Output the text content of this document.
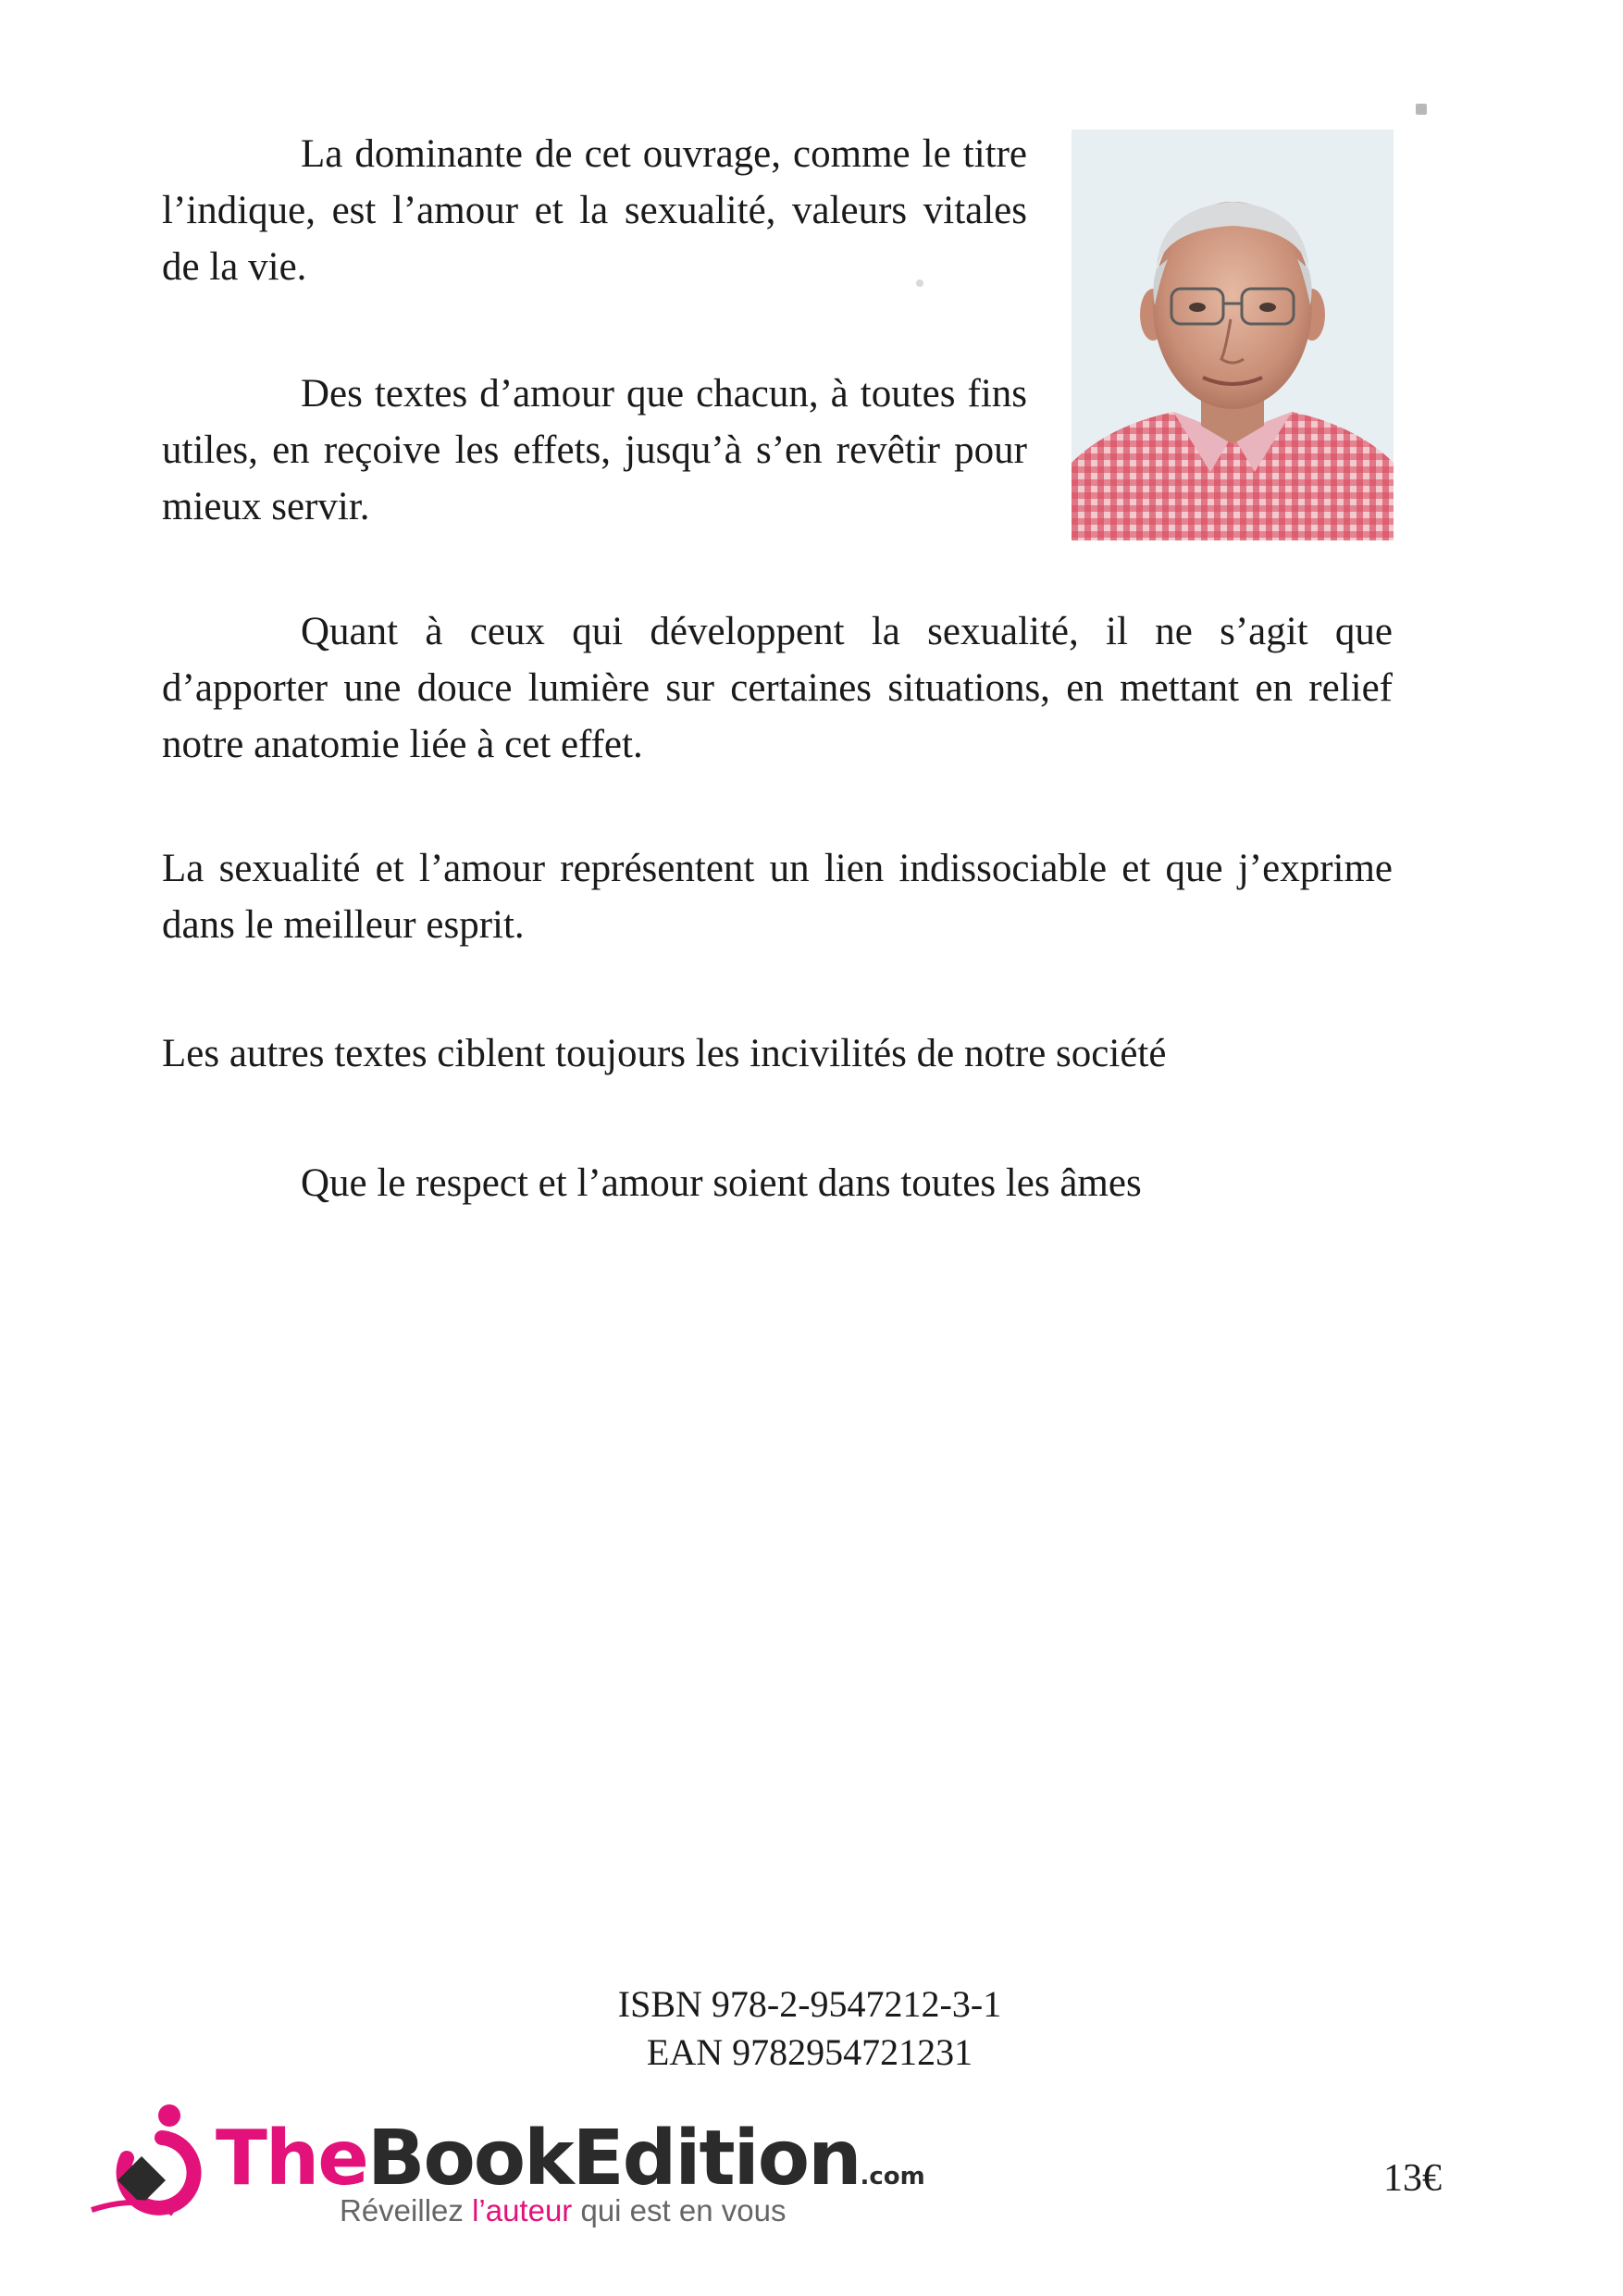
La dominante de cet ouvrage, comme le titre l’indique, est l’amour et la sexualité, valeurs vitales de la vie.

Des textes d’amour que chacun, à toutes fins utiles, en reçoive les effets, jusqu’à s’en revêtir pour mieux servir.

Quant à ceux qui développent la sexualité, il ne s’agit que d’apporter une douce lumière sur certaines situations, en mettant en relief notre anatomie liée à cet effet.

La sexualité et l’amour représentent un lien indissociable et que j’exprime dans le meilleur esprit.

Les autres textes ciblent toujours les incivilités de notre société

Que le respect et l’amour soient dans toutes les âmes

ISBN 978-2-9547212-3-1
EAN 9782954721231
TheBookEdition.com
Réveillez l’auteur qui est en vous
13€
